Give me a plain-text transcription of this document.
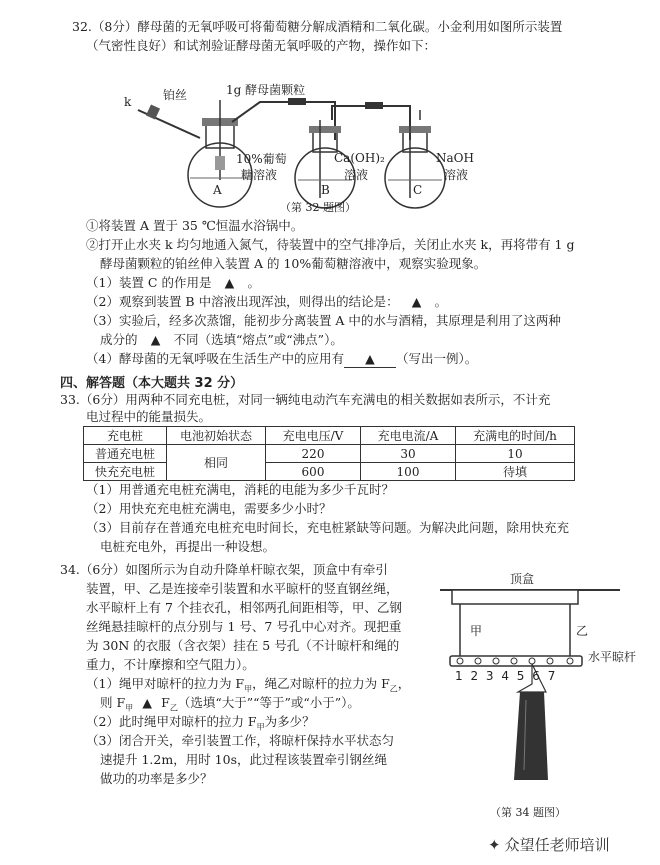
32.（8分）酵母菌的无氧呼吸可将葡萄糖分解成酒精和二氧化碳。小金利用如图所示装置
（气密性良好）和试剂验证酵母菌无氧呼吸的产物，操作如下：
k	铂丝	1g 酵母菌颗粒
10%葡萄
糖溶液
Ca(OH)₂
溶液
NaOH
溶液
A	B	C
（第 32 题图）
①将装置 A 置于 35 ℃恒温水浴锅中。
②打开止水夹 k 均匀地通入氮气，待装置中的空气排净后，关闭止水夹 k，再将带有 1 g
酵母菌颗粒的铂丝伸入装置 A 的 10%葡萄糖溶液中，观察实验现象。
（1）装置 C 的作用是 ▲ 。
（2）观察到装置 B 中溶液出现浑浊，则得出的结论是： ▲ 。
（3）实验后，经多次蒸馏，能初步分离装置 A 中的水与酒精，其原理是利用了这两种
成分的 ▲ 不同（选填“熔点”或“沸点”）。
（4）酵母菌的无氧呼吸在生活生产中的应用有 ▲ （写出一例）。
四、解答题（本大题共 32 分）
33.（6分）用两种不同充电桩，对同一辆纯电动汽车充满电的相关数据如表所示，不计充
电过程中的能量损失。
充电桩	电池初始状态	充电电压/V	充电电流/A	充满电的时间/h
普通充电桩	相同	220	30	10
快充充电桩		600	100	待填
（1）用普通充电桩充满电，消耗的电能为多少千瓦时？
（2）用快充充电桩充满电，需要多少小时？
（3）目前存在普通充电桩充电时间长，充电桩紧缺等问题。为解决此问题，除用快充充
电桩充电外，再提出一种设想。
34.（6分）如图所示为自动升降单杆晾衣架，顶盒中有牵引
装置，甲、乙是连接牵引装置和水平晾杆的竖直钢丝绳，
水平晾杆上有 7 个挂衣孔，相邻两孔间距相等，甲、乙钢
丝绳悬挂晾杆的点分别与 1 号、7 号孔中心对齐。现把重
为 30N 的衣服（含衣架）挂在 5 号孔（不计晾杆和绳的
重力，不计摩擦和空气阻力）。
（1）绳甲对晾杆的拉力为 $F_甲$，绳乙对晾杆的拉力为 $F_乙$，
则 $F_甲$ ▲ $F_乙$（选填“大于”“等于”或“小于”）。
（2）此时绳甲对晾杆的拉力 $F_甲$为多少？
（3）闭合开关，牵引装置工作，将晾杆保持水平状态匀
速提升 1.2m，用时 10s，此过程该装置牵引钢丝绳
做功的功率是多少？
顶盒
甲	乙
水平晾杆
1 2 3 4 5 6 7
（第 34 题图）
✦ 众望任老师培训
